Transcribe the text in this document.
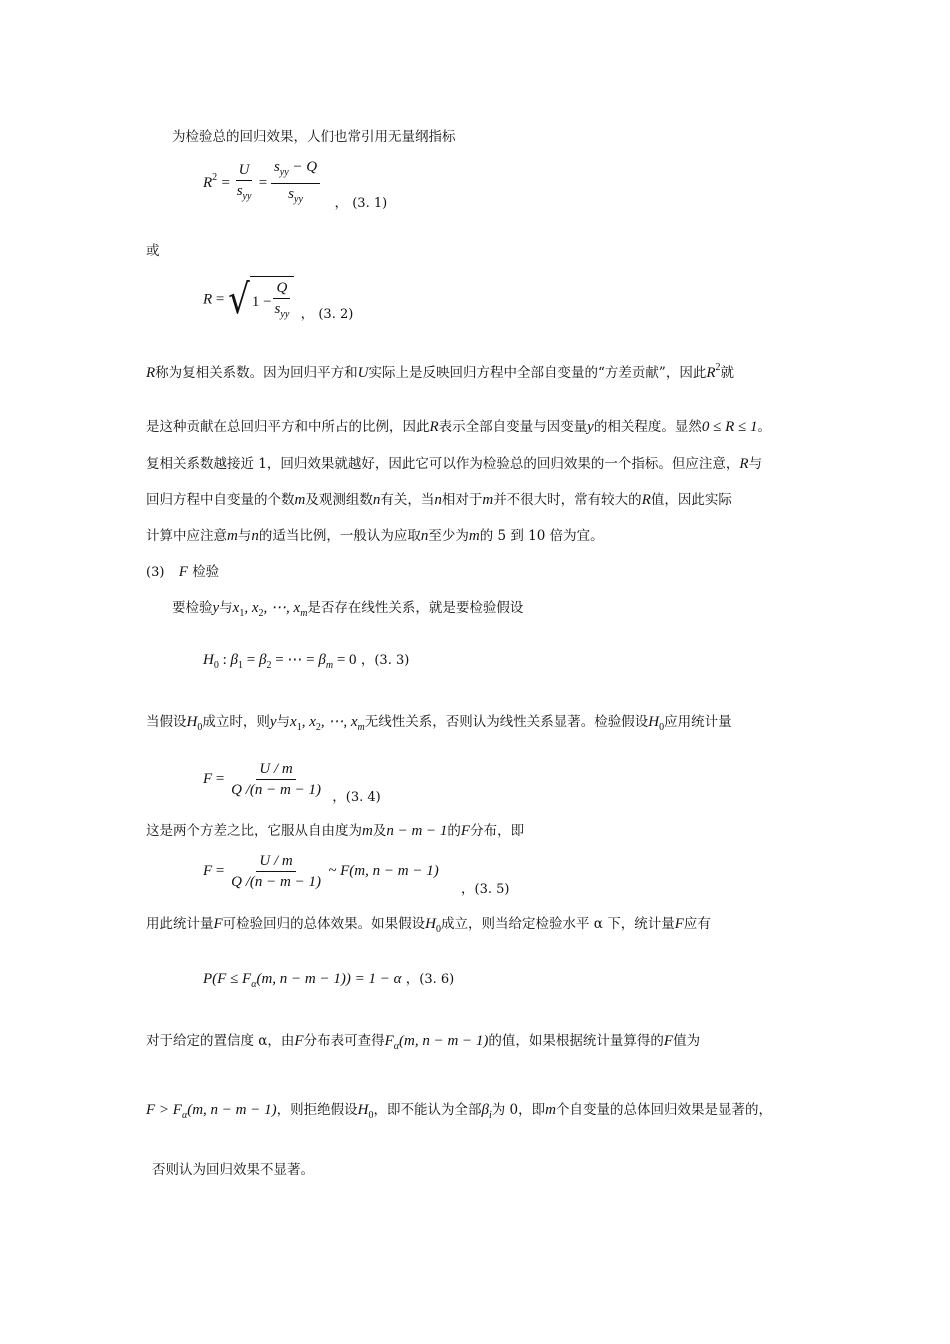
为检验总的回归效果，人们也常引用无量纲指标
$R^2 = \frac{U}{s_{yy}} = \frac{s_{yy} - Q}{s_{yy}}$ ， (3. 1)
或
R = √ $1 - \frac{Q}{s_{yy}}$ ， (3. 2)
R称为复相关系数。因为回归平方和U实际上是反映回归方程中全部自变量的“方差贡献”，因此$R^2$就
是这种贡献在总回归平方和中所占的比例，因此R表示全部自变量与因变量y的相关程度。显然0 ≤ R ≤ 1。
复相关系数越接近 1，回归效果就越好，因此它可以作为检验总的回归效果的一个指标。但应注意，R与
回归方程中自变量的个数m及观测组数n有关，当n相对于m并不很大时，常有较大的R值，因此实际
计算中应注意m与n的适当比例，一般认为应取n至少为m的 5 到 10 倍为宜。
(3) F 检验
要检验y与$x_1$, $x_2$, ⋯, $x_m$是否存在线性关系，就是要检验假设
$H_0$ : $\beta_1 = \beta_2$ = ⋯ = $\beta_m = 0$ ，(3. 3)
当假设$H_0$成立时，则y与$x_1$, $x_2$, ⋯, $x_m$无线性关系，否则认为线性关系显著。检验假设$H_0$应用统计量
$F = \frac{U / m}{Q /(n - m - 1)}$ ，(3. 4)
这是两个方差之比，它服从自由度为m及n − m − 1的F分布，即
$F = \frac{U / m}{Q /(n - m - 1)}$ ~ F(m, n − m − 1) ，(3. 5)
用此统计量F可检验回归的总体效果。如果假设$H_0$成立，则当给定检验水平 α 下，统计量F应有
$P(F \le F_\alpha(m$, n − m − 1)) = 1 − α ，(3. 6)
对于给定的置信度 α，由F分布表可查得$F_\alpha(m$, n − m − 1)的值，如果根据统计量算得的F值为
$F > F_\alpha(m$, n − m − 1)，则拒绝假设$H_0$，即不能认为全部$\beta_i$为 0，即m个自变量的总体回归效果是显著的，
否则认为回归效果不显著。
